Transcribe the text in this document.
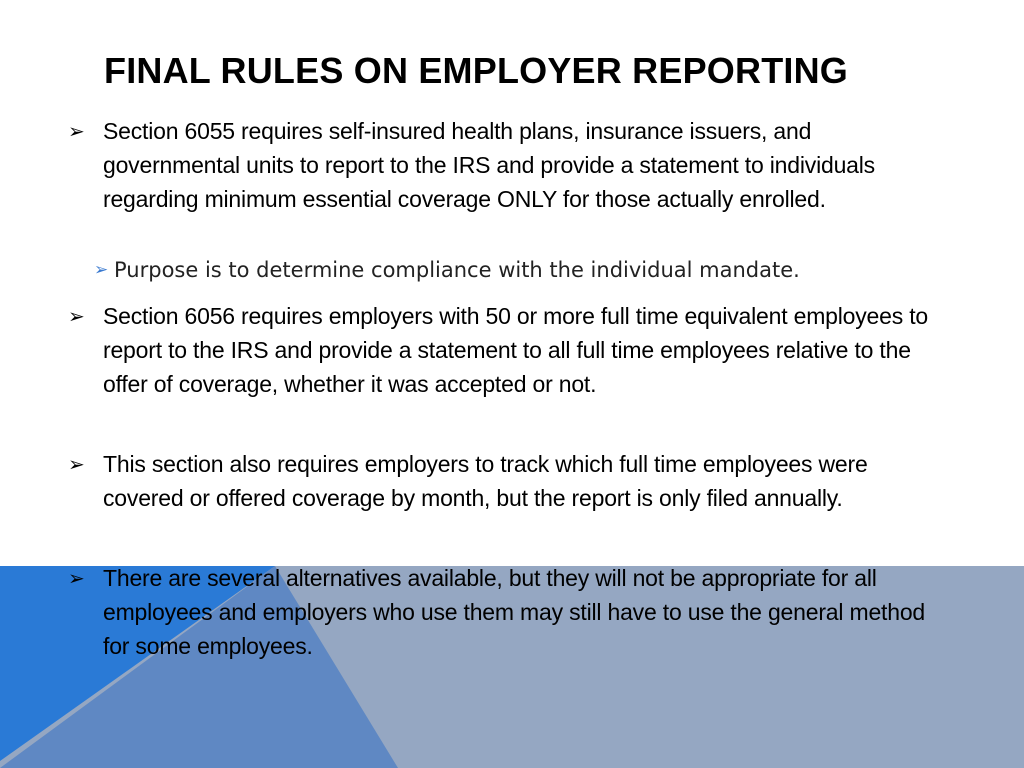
FINAL RULES ON EMPLOYER REPORTING
➢ Section 6055 requires self-insured health plans, insurance issuers, and governmental units to report to the IRS and provide a statement to individuals regarding minimum essential coverage ONLY for those actually enrolled.
➢ Purpose is to determine compliance with the individual mandate.
➢ Section 6056 requires employers with 50 or more full time equivalent employees to report to the IRS and provide a statement to all full time employees relative to the offer of coverage, whether it was accepted or not.
➢ This section also requires employers to track which full time employees were covered or offered coverage by month, but the report is only filed annually.
➢ There are several alternatives available, but they will not be appropriate for all employees and employers who use them may still have to use the general method for some employees.
